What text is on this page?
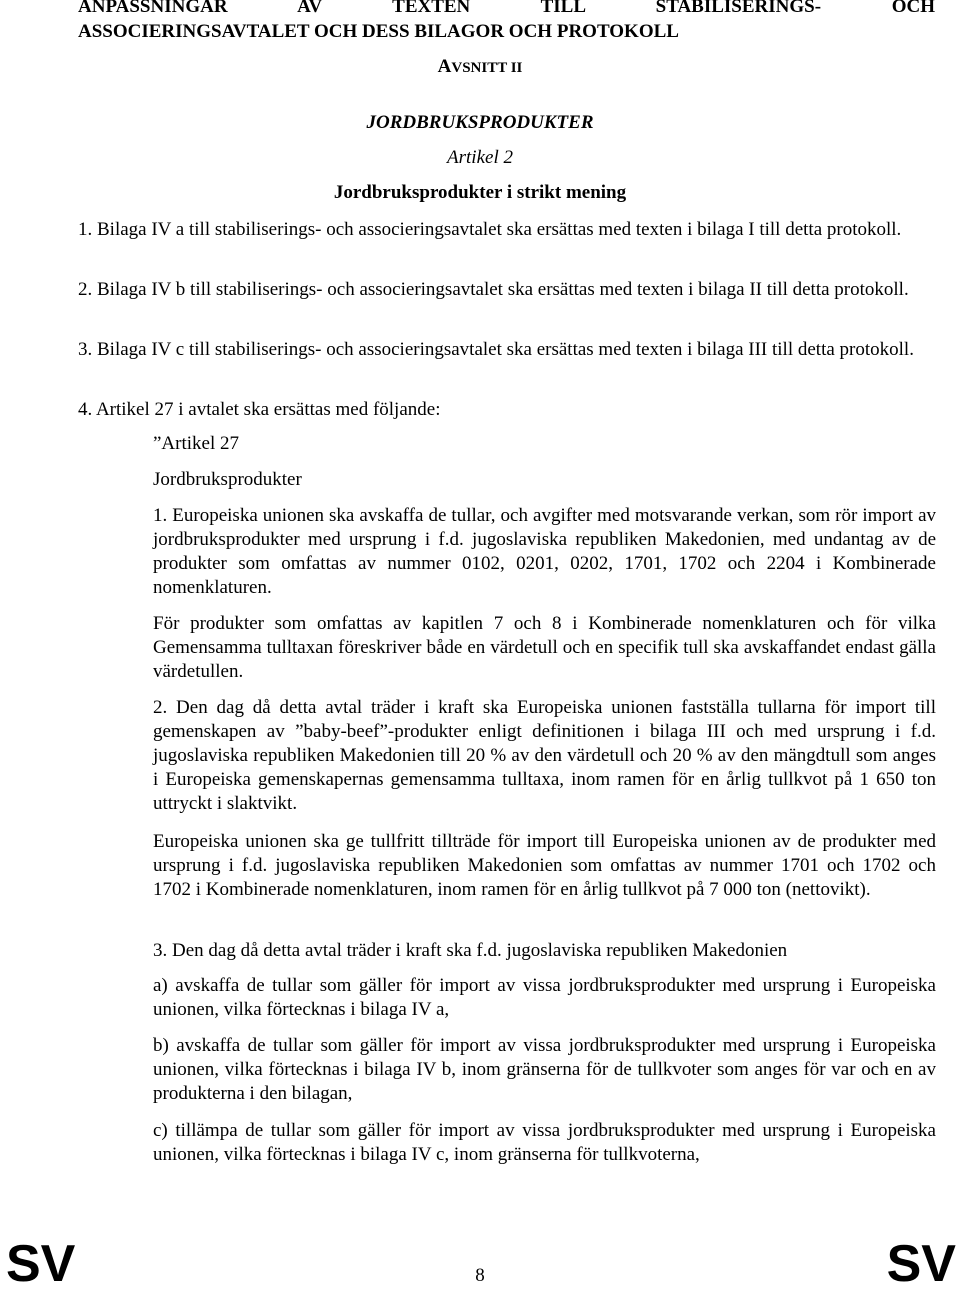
ANPASSNINGAR	AV	TEXTEN	TILL	STABILISERINGS-	OCH
ASSOCIERINGSAVTALET OCH DESS BILAGOR OCH PROTOKOLL
AVSNITT II
JORDBRUKSPRODUKTER
Artikel 2
Jordbruksprodukter i strikt mening
1. Bilaga IV a till stabiliserings- och associeringsavtalet ska ersättas med texten i bilaga I till detta protokoll.
2. Bilaga IV b till stabiliserings- och associeringsavtalet ska ersättas med texten i bilaga II till detta protokoll.
3. Bilaga IV c till stabiliserings- och associeringsavtalet ska ersättas med texten i bilaga III till detta protokoll.
4. Artikel 27 i avtalet ska ersättas med följande:
”Artikel 27
Jordbruksprodukter
1. Europeiska unionen ska avskaffa de tullar, och avgifter med motsvarande verkan, som rör import av jordbruksprodukter med ursprung i f.d. jugoslaviska republiken Makedonien, med undantag av de produkter som omfattas av nummer 0102, 0201, 0202, 1701, 1702 och 2204 i Kombinerade nomenklaturen.
För produkter som omfattas av kapitlen 7 och 8 i Kombinerade nomenklaturen och för vilka Gemensamma tulltaxan föreskriver både en värdetull och en specifik tull ska avskaffandet endast gälla värdetullen.
2. Den dag då detta avtal träder i kraft ska Europeiska unionen fastställa tullarna för import till gemenskapen av ”baby-beef”-produkter enligt definitionen i bilaga III och med ursprung i f.d. jugoslaviska republiken Makedonien till 20 % av den värdetull och 20 % av den mängdtull som anges i Europeiska gemenskapernas gemensamma tulltaxa, inom ramen för en årlig tullkvot på 1 650 ton uttryckt i slaktvikt.
Europeiska unionen ska ge tullfritt tillträde för import till Europeiska unionen av de produkter med ursprung i f.d. jugoslaviska republiken Makedonien som omfattas av nummer 1701 och 1702 och 1702 i Kombinerade nomenklaturen, inom ramen för en årlig tullkvot på 7 000 ton (nettovikt).
3. Den dag då detta avtal träder i kraft ska f.d. jugoslaviska republiken Makedonien
a) avskaffa de tullar som gäller för import av vissa jordbruksprodukter med ursprung i Europeiska unionen, vilka förtecknas i bilaga IV a,
b) avskaffa de tullar som gäller för import av vissa jordbruksprodukter med ursprung i Europeiska unionen, vilka förtecknas i bilaga IV b, inom gränserna för de tullkvoter som anges för var och en av produkterna i den bilagan,
c) tillämpa de tullar som gäller för import av vissa jordbruksprodukter med ursprung i Europeiska unionen, vilka förtecknas i bilaga IV c, inom gränserna för tullkvoterna,
SV	8	SV
